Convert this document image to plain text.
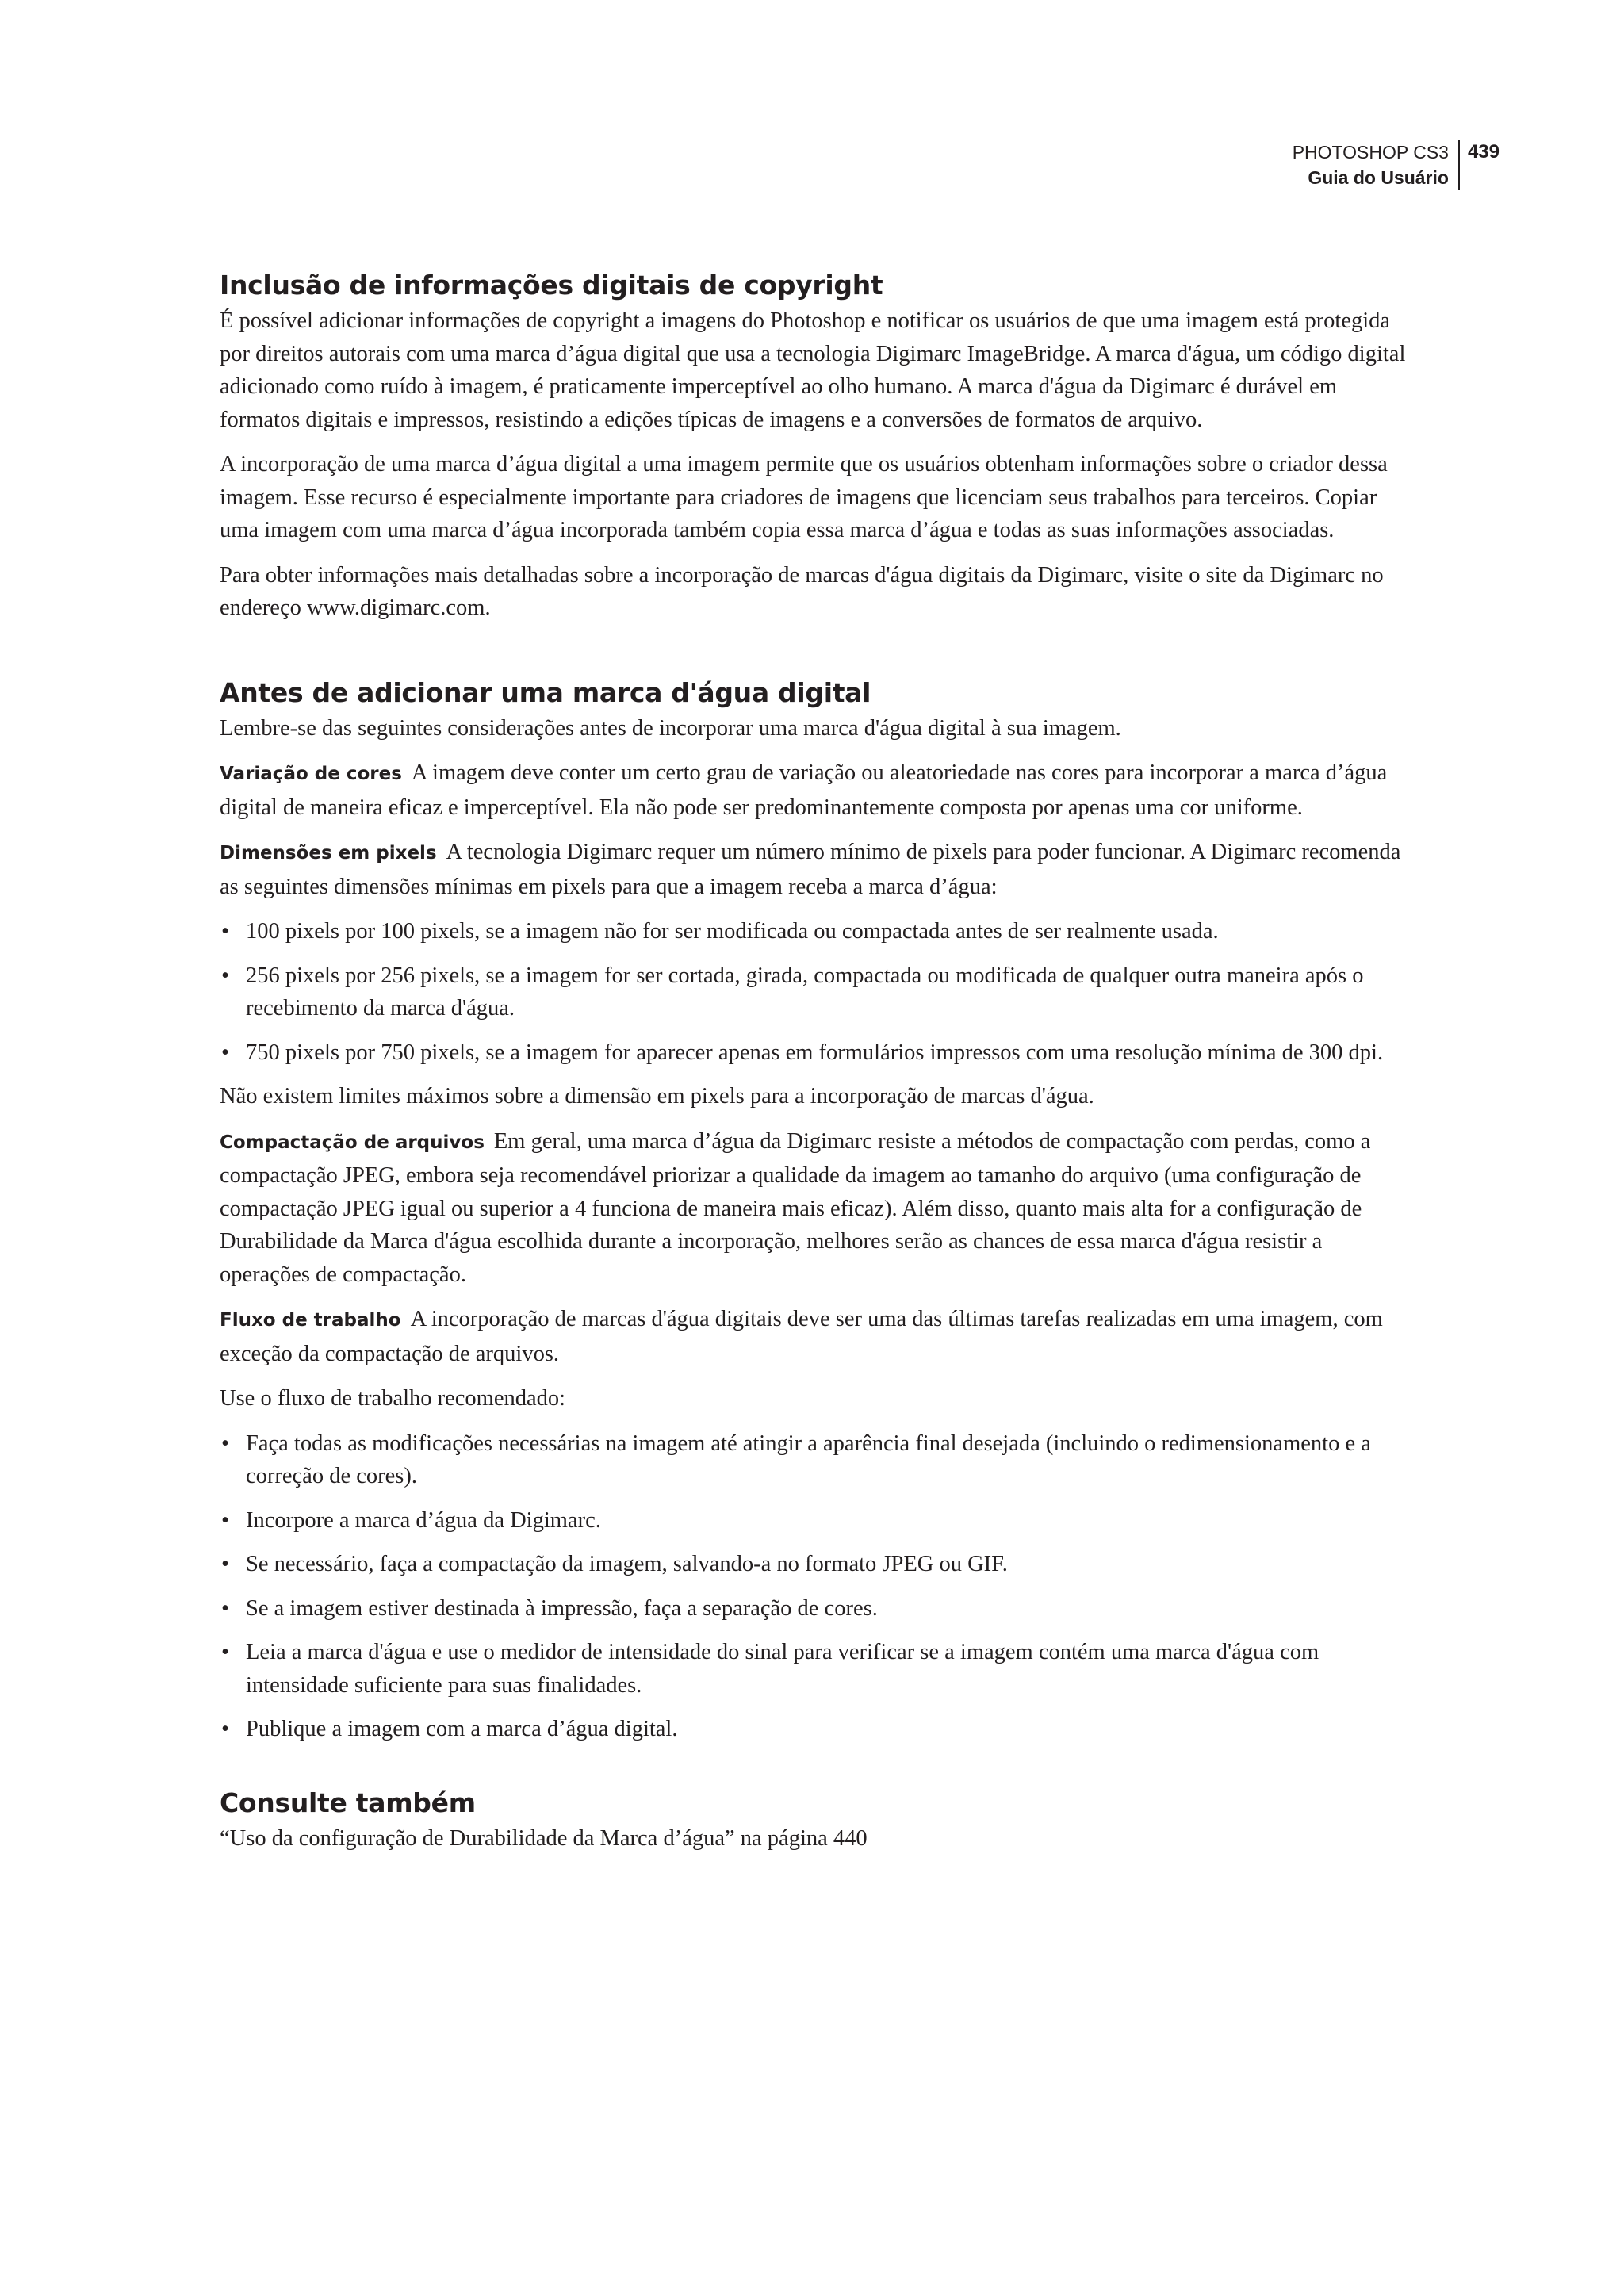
PHOTOSHOP CS3
Guia do Usuário
439
Inclusão de informações digitais de copyright

É possível adicionar informações de copyright a imagens do Photoshop e notificar os usuários de que uma imagem está protegida por direitos autorais com uma marca d’água digital que usa a tecnologia Digimarc ImageBridge. A marca d'água, um código digital adicionado como ruído à imagem, é praticamente imperceptível ao olho humano. A marca d'água da Digimarc é durável em formatos digitais e impressos, resistindo a edições típicas de imagens e a conversões de formatos de arquivo.

A incorporação de uma marca d’água digital a uma imagem permite que os usuários obtenham informações sobre o criador dessa imagem. Esse recurso é especialmente importante para criadores de imagens que licenciam seus trabalhos para terceiros. Copiar uma imagem com uma marca d’água incorporada também copia essa marca d’água e todas as suas informações associadas.

Para obter informações mais detalhadas sobre a incorporação de marcas d'água digitais da Digimarc, visite o site da Digimarc no endereço www.digimarc.com.

Antes de adicionar uma marca d'água digital

Lembre-se das seguintes considerações antes de incorporar uma marca d'água digital à sua imagem.

Variação de cores A imagem deve conter um certo grau de variação ou aleatoriedade nas cores para incorporar a marca d’água digital de maneira eficaz e imperceptível. Ela não pode ser predominantemente composta por apenas uma cor uniforme.

Dimensões em pixels A tecnologia Digimarc requer um número mínimo de pixels para poder funcionar. A Digimarc recomenda as seguintes dimensões mínimas em pixels para que a imagem receba a marca d’água:

• 100 pixels por 100 pixels, se a imagem não for ser modificada ou compactada antes de ser realmente usada.
• 256 pixels por 256 pixels, se a imagem for ser cortada, girada, compactada ou modificada de qualquer outra maneira após o recebimento da marca d'água.
• 750 pixels por 750 pixels, se a imagem for aparecer apenas em formulários impressos com uma resolução mínima de 300 dpi.

Não existem limites máximos sobre a dimensão em pixels para a incorporação de marcas d'água.

Compactação de arquivos Em geral, uma marca d’água da Digimarc resiste a métodos de compactação com perdas, como a compactação JPEG, embora seja recomendável priorizar a qualidade da imagem ao tamanho do arquivo (uma configuração de compactação JPEG igual ou superior a 4 funciona de maneira mais eficaz). Além disso, quanto mais alta for a configuração de Durabilidade da Marca d'água escolhida durante a incorporação, melhores serão as chances de essa marca d'água resistir a operações de compactação.

Fluxo de trabalho A incorporação de marcas d'água digitais deve ser uma das últimas tarefas realizadas em uma imagem, com exceção da compactação de arquivos.

Use o fluxo de trabalho recomendado:

• Faça todas as modificações necessárias na imagem até atingir a aparência final desejada (incluindo o redimensionamento e a correção de cores).
• Incorpore a marca d’água da Digimarc.
• Se necessário, faça a compactação da imagem, salvando-a no formato JPEG ou GIF.
• Se a imagem estiver destinada à impressão, faça a separação de cores.
• Leia a marca d'água e use o medidor de intensidade do sinal para verificar se a imagem contém uma marca d'água com intensidade suficiente para suas finalidades.
• Publique a imagem com a marca d’água digital.
Consulte também

“Uso da configuração de Durabilidade da Marca d’água” na página 440
